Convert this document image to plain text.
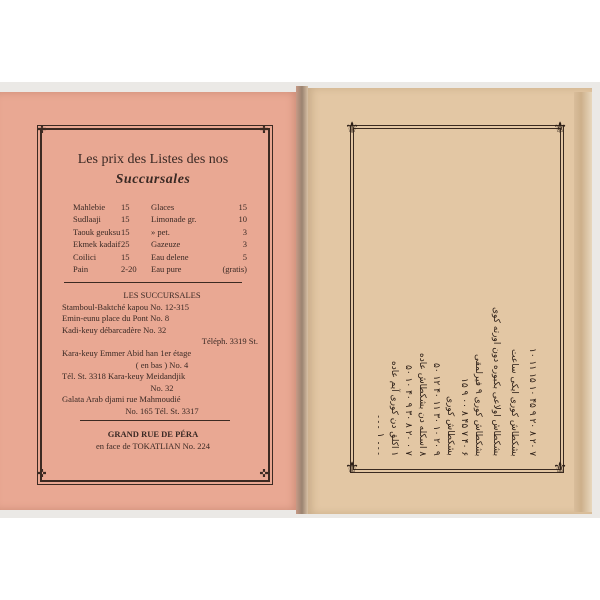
✜	✜
✜	✜
Les prix des Listes des nos
Succursales
Mahlebie	15	Glaces	15
Sudlaaji	15	Limonade gr.	10
Taouk geuksu 15	» pet.	3
Ekmek kadaif 25	Gazeuze	3
Coilici	15	Eau delene	5
Pain	2-20	Eau pure	(gratis)
LES SUCCURSALES
Stamboul-Baktché kapou No. 12-315
Emin-eunu place du Pont No. 8
Kadi-keuy débarcadère No. 32
Téléph. 3319 St.
Kara-keuy Emmer Abid han 1er étage
( en bas ) No. 4
Tél. St. 3318 Kara-keuy Meidandjik
No. 32
Galata Arab djami rue Mahmoudié
No. 165 Tél. St. 3317
GRAND RUE DE PÉRA
en face de TOKATLIAN No. 224
⚜	⚜
⚜	⚜
۔۔۔ ۱ ۔۔۔ ۱ اکلق دن کوری آیم عاده
۷ ۰ ۲۰ ۸ ۳۰ ۹ ۴۰ ۱۰ ۵۰
۸ اسکله دن بشکطاش عاده
۹ ۲۰ ۱۰ ۳۰ ۱۱ ۴۰ ۱۲ ۵۰ بشکطاش کوری
۶ ۴۰ ۷ ۴۵ ۸ ۰۰ ۹ ۱۵
بشکطاش کوری ۹ فیرلمقی بشکطاش اولاعی بکبوره دون اورته کوی بشکطاش کوری ایکی ساعت ۷ ۲۰ ۸ ۲۰ ۹ ۴۵ ۱۰ ۱۵ ۱۱ ۱۰
